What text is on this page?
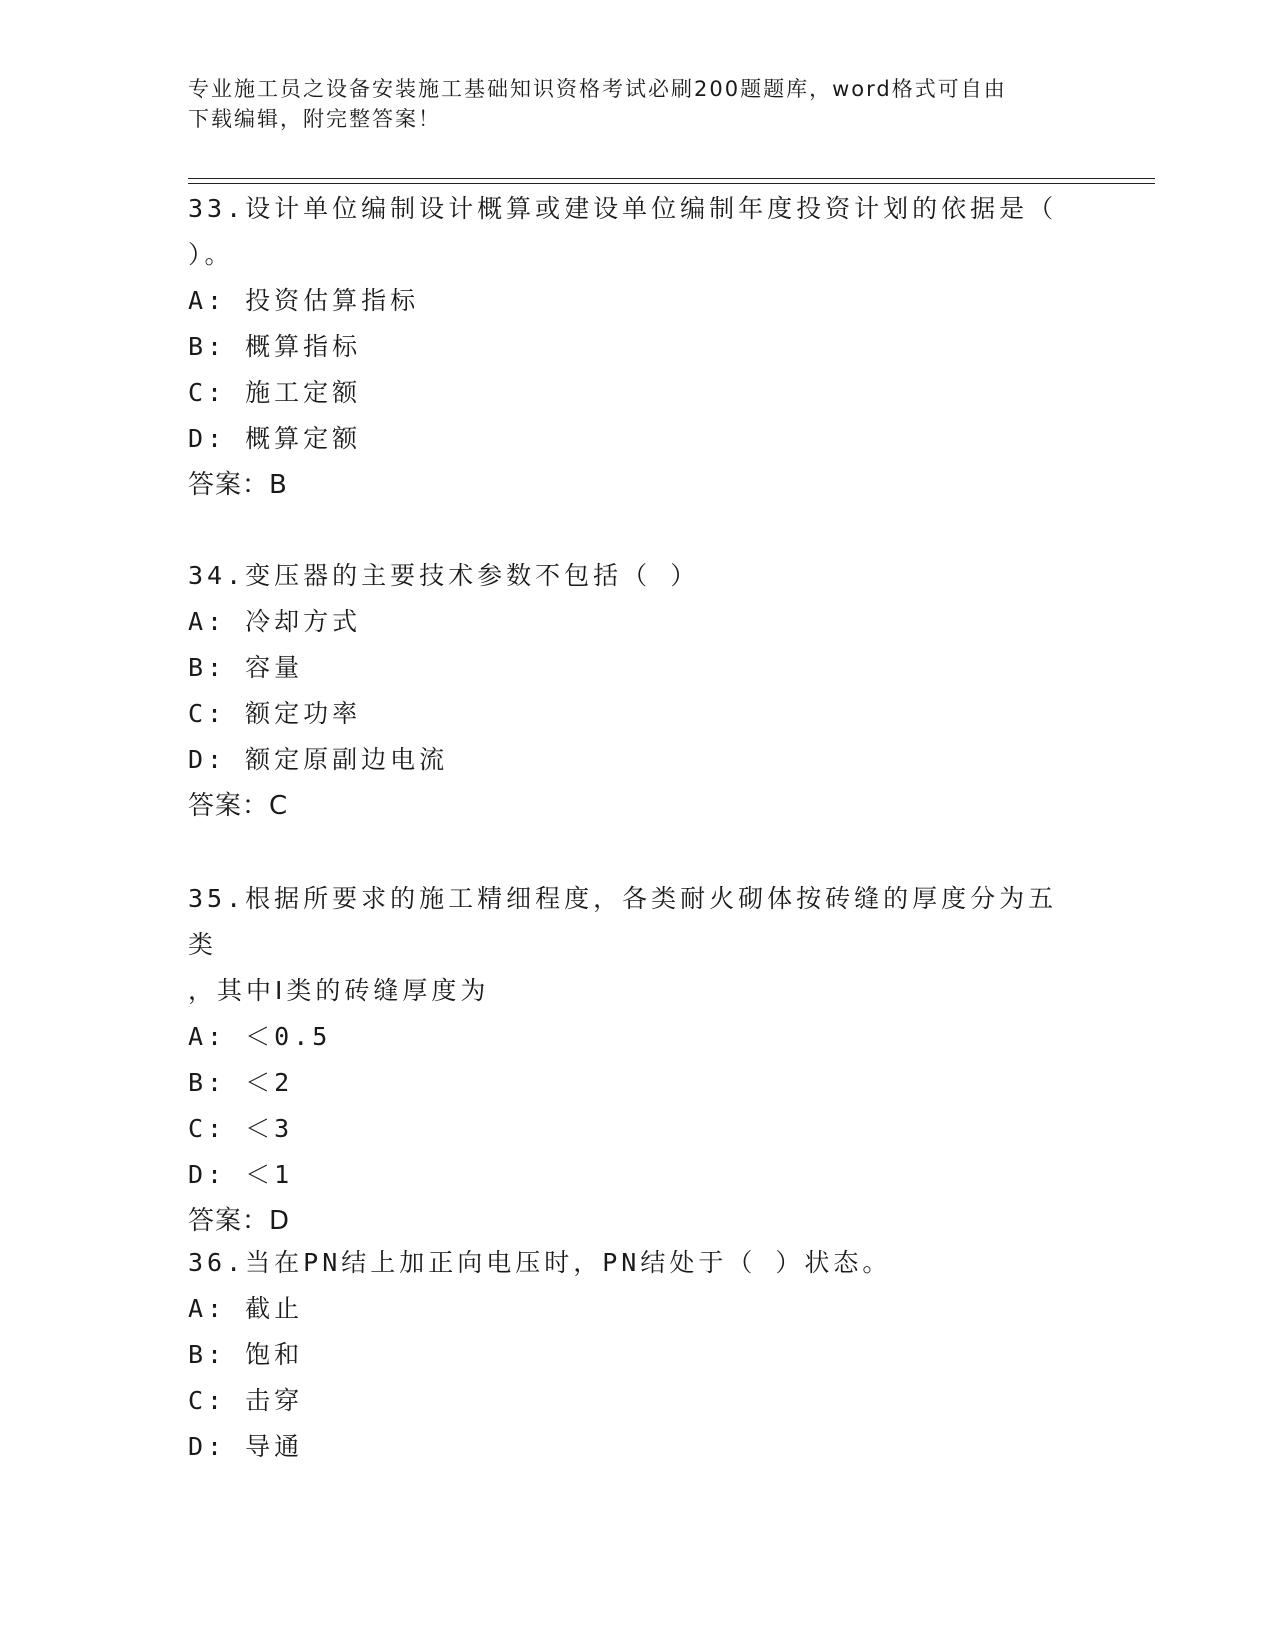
专业施工员之设备安装施工基础知识资格考试必刷200题题库，word格式可自由
下载编辑，附完整答案！
33.设计单位编制设计概算或建设单位编制年度投资计划的依据是（
）。
A: 投资估算指标
B: 概算指标
C: 施工定额
D: 概算定额
答案：B
34.变压器的主要技术参数不包括（ ）
A: 冷却方式
B: 容量
C: 额定功率
D: 额定原副边电流
答案：C
35.根据所要求的施工精细程度，各类耐火砌体按砖缝的厚度分为五类
，其中Ⅰ类的砖缝厚度为
A: ＜0.5
B: ＜2
C: ＜3
D: ＜1
答案：D
36.当在PN结上加正向电压时，PN结处于（ ）状态。
A: 截止
B: 饱和
C: 击穿
D: 导通
